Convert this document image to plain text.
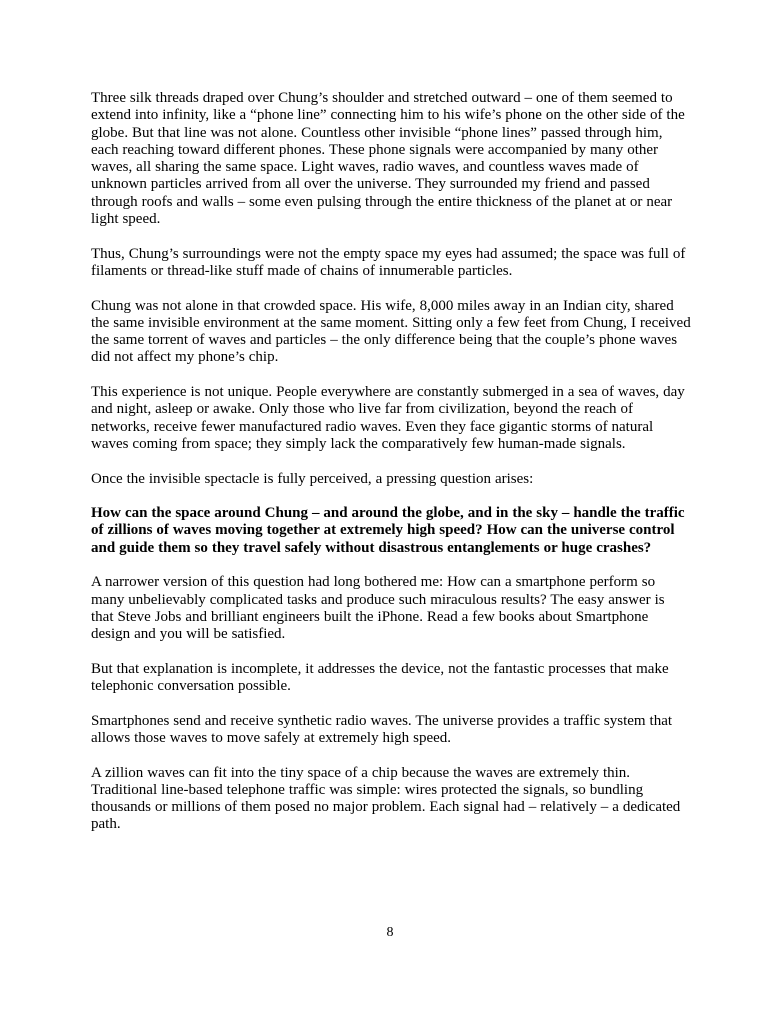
Three silk threads draped over Chung’s shoulder and stretched outward – one of them seemed to extend into infinity, like a “phone line” connecting him to his wife’s phone on the other side of the globe. But that line was not alone. Countless other invisible “phone lines” passed through him, each reaching toward different phones. These phone signals were accompanied by many other waves, all sharing the same space. Light waves, radio waves, and countless waves made of unknown particles arrived from all over the universe. They surrounded my friend and passed through roofs and walls – some even pulsing through the entire thickness of the planet at or near light speed.

Thus, Chung’s surroundings were not the empty space my eyes had assumed; the space was full of filaments or thread-like stuff made of chains of innumerable particles.

Chung was not alone in that crowded space. His wife, 8,000 miles away in an Indian city, shared the same invisible environment at the same moment. Sitting only a few feet from Chung, I received the same torrent of waves and particles – the only difference being that the couple’s phone waves did not affect my phone’s chip.

This experience is not unique. People everywhere are constantly submerged in a sea of waves, day and night, asleep or awake. Only those who live far from civilization, beyond the reach of networks, receive fewer manufactured radio waves. Even they face gigantic storms of natural waves coming from space; they simply lack the comparatively few human-made signals.

Once the invisible spectacle is fully perceived, a pressing question arises:

How can the space around Chung – and around the globe, and in the sky – handle the traffic of zillions of waves moving together at extremely high speed? How can the universe control and guide them so they travel safely without disastrous entanglements or huge crashes?

A narrower version of this question had long bothered me: How can a smartphone perform so many unbelievably complicated tasks and produce such miraculous results? The easy answer is that Steve Jobs and brilliant engineers built the iPhone. Read a few books about Smartphone design and you will be satisfied.

But that explanation is incomplete, it addresses the device, not the fantastic processes that make telephonic conversation possible.

Smartphones send and receive synthetic radio waves. The universe provides a traffic system that allows those waves to move safely at extremely high speed.

A zillion waves can fit into the tiny space of a chip because the waves are extremely thin. Traditional line-based telephone traffic was simple: wires protected the signals, so bundling thousands or millions of them posed no major problem. Each signal had – relatively – a dedicated path.

8
